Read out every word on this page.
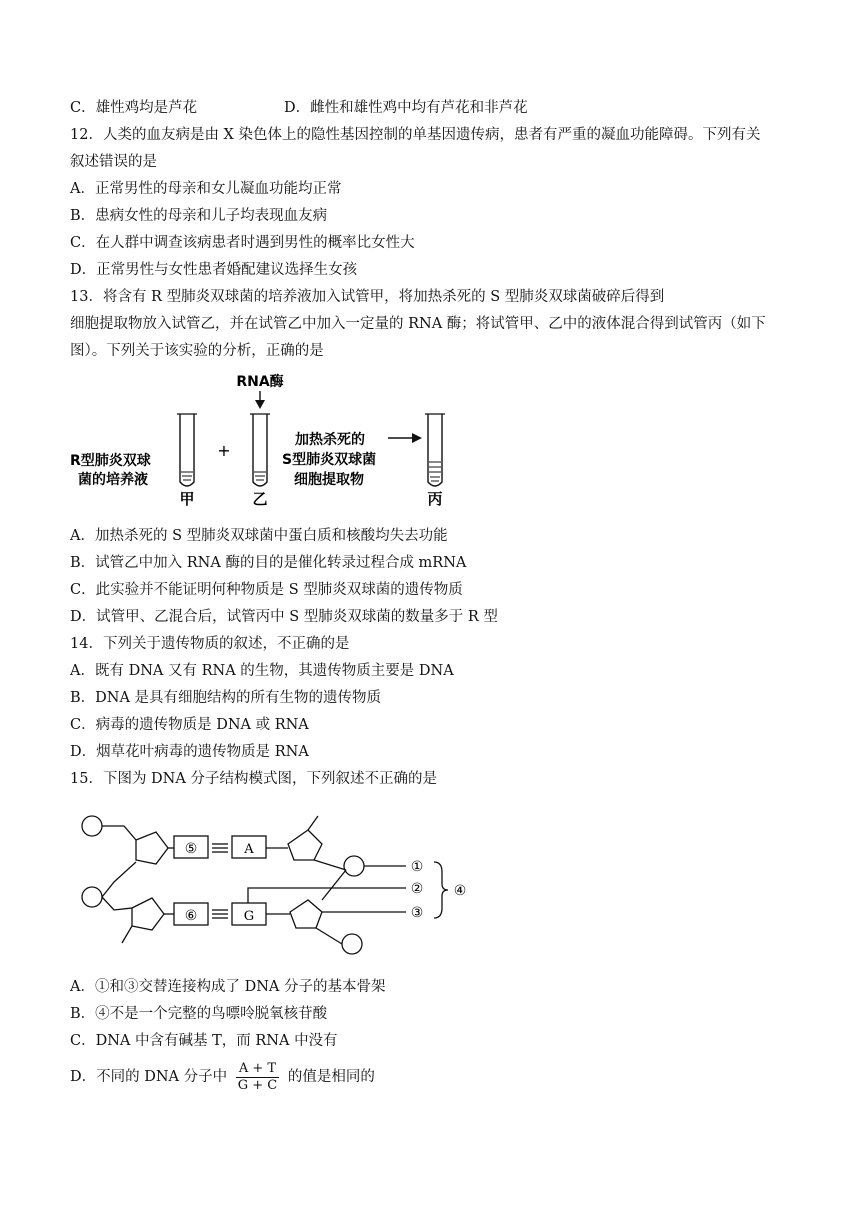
C．雄性鸡均是芦花	D．雌性和雄性鸡中均有芦花和非芦花
12．人类的血友病是由 X 染色体上的隐性基因控制的单基因遗传病，患者有严重的凝血功能障碍。下列有关
叙述错误的是
A．正常男性的母亲和女儿凝血功能均正常
B．患病女性的母亲和儿子均表现血友病
C．在人群中调查该病患者时遇到男性的概率比女性大
D．正常男性与女性患者婚配建议选择生女孩
13．将含有 R 型肺炎双球菌的培养液加入试管甲，将加热杀死的 S 型肺炎双球菌破碎后得到
细胞提取物放入试管乙，并在试管乙中加入一定量的 RNA 酶；将试管甲、乙中的液体混合得到试管丙（如下
图）。下列关于该实验的分析，正确的是
RNA酶
+
R型肺炎双球
菌的培养液
加热杀死的
S型肺炎双球菌
细胞提取物
甲	乙	丙
A．加热杀死的 S 型肺炎双球菌中蛋白质和核酸均失去功能
B．试管乙中加入 RNA 酶的目的是催化转录过程合成 mRNA
C．此实验并不能证明何种物质是 S 型肺炎双球菌的遗传物质
D．试管甲、乙混合后，试管丙中 S 型肺炎双球菌的数量多于 R 型
14．下列关于遗传物质的叙述，不正确的是
A．既有 DNA 又有 RNA 的生物，其遗传物质主要是 DNA
B．DNA 是具有细胞结构的所有生物的遗传物质
C．病毒的遗传物质是 DNA 或 RNA
D．烟草花叶病毒的遗传物质是 RNA
15．下图为 DNA 分子结构模式图，下列叙述不正确的是
⑤
⑥
A
G
①
②
③
④
A．①和③交替连接构成了 DNA 分子的基本骨架
B．④不是一个完整的鸟嘌呤脱氧核苷酸
C．DNA 中含有碱基 T，而 RNA 中没有
D．不同的 DNA 分子中 $\frac{A + T}{G + C}$ 的值是相同的
